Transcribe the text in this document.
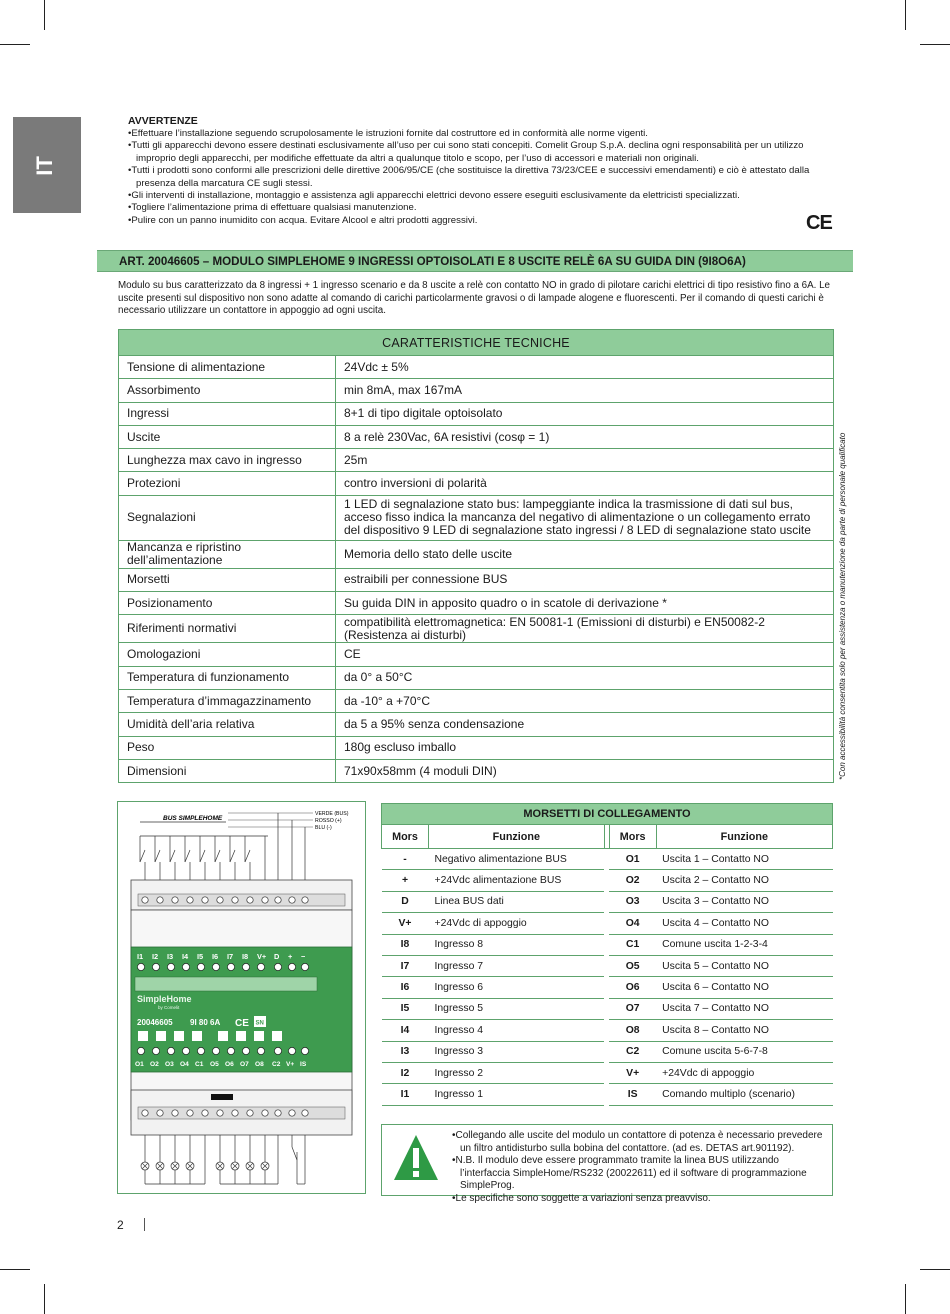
IT
AVVERTENZE
• Effettuare l’installazione seguendo scrupolosamente le istruzioni fornite dal costruttore ed in conformità alle norme vigenti.
• Tutti gli apparecchi devono essere destinati esclusivamente all’uso per cui sono stati concepiti. Comelit Group S.p.A. declina ogni responsabilità per un utilizzo improprio degli apparecchi, per modifiche effettuate da altri a qualunque titolo e scopo, per l’uso di accessori e materiali non originali.
• Tutti i prodotti sono conformi alle prescrizioni delle direttive 2006/95/CE (che sostituisce la direttiva 73/23/CEE e successivi emendamenti) e ciò è attestato dalla presenza della marcatura CE sugli stessi.
• Gli interventi di installazione, montaggio e assistenza agli apparecchi elettrici devono essere eseguiti esclusivamente da elettricisti specializzati.
• Togliere l’alimentazione prima di effettuare qualsiasi manutenzione.
• Pulire con un panno inumidito con acqua. Evitare Alcool e altri prodotti aggressivi.	CE
ART. 20046605 – MODULO SIMPLEHOME 9 INGRESSI OPTOISOLATI E 8 USCITE RELÈ 6A SU GUIDA DIN (9I8O6A)
Modulo su bus caratterizzato da 8 ingressi + 1 ingresso scenario e da 8 uscite a relè con contatto NO in grado di pilotare carichi elettrici di tipo resistivo fino a 6A. Le uscite presenti sul dispositivo non sono adatte al comando di carichi particolarmente gravosi o di lampade alogene e fluorescenti. Per il comando di questi carichi è necessario utilizzare un contattore in appoggio ad ogni uscita.
CARATTERISTICHE TECNICHE	
Tensione di alimentazione	24Vdc ± 5%
Assorbimento	min 8mA, max 167mA
Ingressi	8+1 di tipo digitale optoisolato
Uscite	8 a relè 230Vac, 6A resistivi (cosφ = 1)
Lunghezza max cavo in ingresso	25m
Protezioni	contro inversioni di polarità
Segnalazioni	1 LED di segnalazione stato bus: lampeggiante indica la trasmissione di dati sul bus, acceso fisso indica la mancanza del negativo di alimentazione o un collegamento errato del dispositivo 9 LED di segnalazione stato ingressi / 8 LED di segnalazione stato uscite
Mancanza e ripristino dell’alimentazione	Memoria dello stato delle uscite
Morsetti	estraibili per connessione BUS
Posizionamento	Su guida DIN in apposito quadro o in scatole di derivazione *
Riferimenti normativi	compatibilità elettromagnetica: EN 50081-1 (Emissioni di disturbi) e EN50082-2 (Resistenza ai disturbi)
Omologazioni	CE
Temperatura di funzionamento	da 0° a 50°C
Temperatura d’immagazzinamento	da -10° a +70°C
Umidità dell’aria relativa	da 5 a 95% senza condensazione
Peso	180g escluso imballo
Dimensioni	71x90x58mm (4 moduli DIN)	*Con accessibilità consentita solo per assistenza o manutenzione da parte di personale qualificato
BUS SIMPLEHOME
VERDE (BUS)
ROSSO (+)
BLU (-)
I1 I2 I3 I4 I5 I6 I7 I8 V+ D + −
SimpleHome
by Comelit
20046605 9I 80 6A CE SN
O1 O2 O3 O4 C1 O5 O6 O7 O8 C2 V+ IS
MORSETTI DI COLLEGAMENTO				
Mors	Funzione		Mors	Funzione
-	Negativo alimentazione BUS		O1	Uscita 1 – Contatto NO
+	+24Vdc alimentazione BUS		O2	Uscita 2 – Contatto NO
D	Linea BUS dati		O3	Uscita 3 – Contatto NO
V+	+24Vdc di appoggio		O4	Uscita 4 – Contatto NO
I8	Ingresso 8		C1	Comune uscita 1-2-3-4
I7	Ingresso 7		O5	Uscita 5 – Contatto NO
I6	Ingresso 6		O6	Uscita 6 – Contatto NO
I5	Ingresso 5		O7	Uscita 7 – Contatto NO
I4	Ingresso 4		O8	Uscita 8 – Contatto NO
I3	Ingresso 3		C2	Comune uscita 5-6-7-8
I2	Ingresso 2		V+	+24Vdc di appoggio
I1	Ingresso 1		IS	Comando multiplo (scenario)
• Collegando alle uscite del modulo un contattore di potenza è necessario prevedere un filtro antidisturbo sulla bobina del contattore. (ad es. DETAS art.901192).
• N.B. Il modulo deve essere programmato tramite la linea BUS utilizzando l’interfaccia SimpleHome/RS232 (20022611) ed il software di programmazione SimpleProg.
• Le specifiche sono soggette a variazioni senza preavviso.
2
